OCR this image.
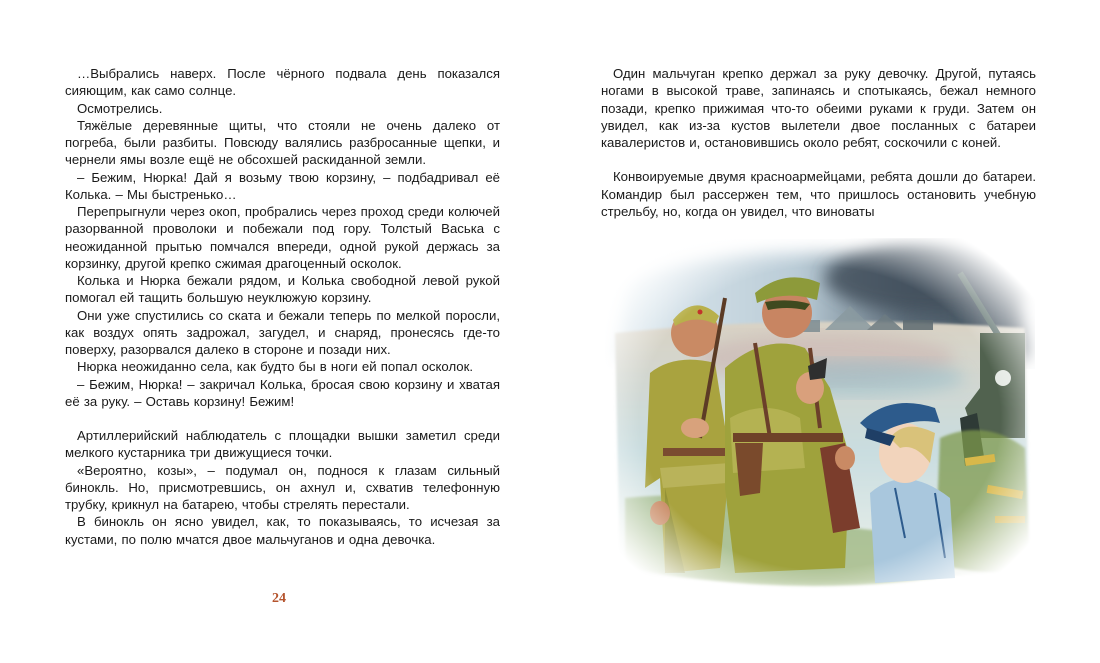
…Выбрались наверх. После чёрного подвала день показался сияющим, как само солнце.

Осмотрелись.

Тяжёлые деревянные щиты, что стояли не очень далеко от погреба, были разбиты. Повсюду валялись разбросанные щепки, и чернели ямы возле ещё не обсохшей раскиданной земли.

– Бежим, Нюрка! Дай я возьму твою корзину, – подбадривал её Колька. – Мы быстренько…

Перепрыгнули через окоп, пробрались через проход среди колючей разорванной проволоки и побежали под гору. Толстый Васька с неожиданной прытью помчался впереди, одной рукой держась за корзинку, другой крепко сжимая драгоценный осколок.

Колька и Нюрка бежали рядом, и Колька свободной левой рукой помогал ей тащить большую неуклюжую корзину.

Они уже спустились со ската и бежали теперь по мелкой поросли, как воздух опять задрожал, загудел, и снаряд, пронесясь где-то поверху, разорвался далеко в стороне и позади них.

Нюрка неожиданно села, как будто бы в ноги ей попал осколок.

– Бежим, Нюрка! – закричал Колька, бросая свою корзину и хватая её за руку. – Оставь корзину! Бежим!

Артиллерийский наблюдатель с площадки вышки заметил среди мелкого кустарника три движущиеся точки.

«Вероятно, козы», – подумал он, поднося к глазам сильный бинокль. Но, присмотревшись, он ахнул и, схватив телефонную трубку, крикнул на батарею, чтобы стрелять перестали.

В бинокль он ясно увидел, как, то показываясь, то исчезая за кустами, по полю мчатся двое мальчуганов и одна девочка.

24

Один мальчуган крепко держал за руку девочку. Другой, путаясь ногами в высокой траве, запинаясь и спотыкаясь, бежал немного позади, крепко прижимая что-то обеими руками к груди. Затем он увидел, как из-за кустов вылетели двое посланных с батареи кавалеристов и, остановившись около ребят, соскочили с коней.

Конвоируемые двумя красноармейцами, ребята дошли до батареи. Командир был рассержен тем, что пришлось остановить учебную стрельбу, но, когда он увидел, что виноваты
